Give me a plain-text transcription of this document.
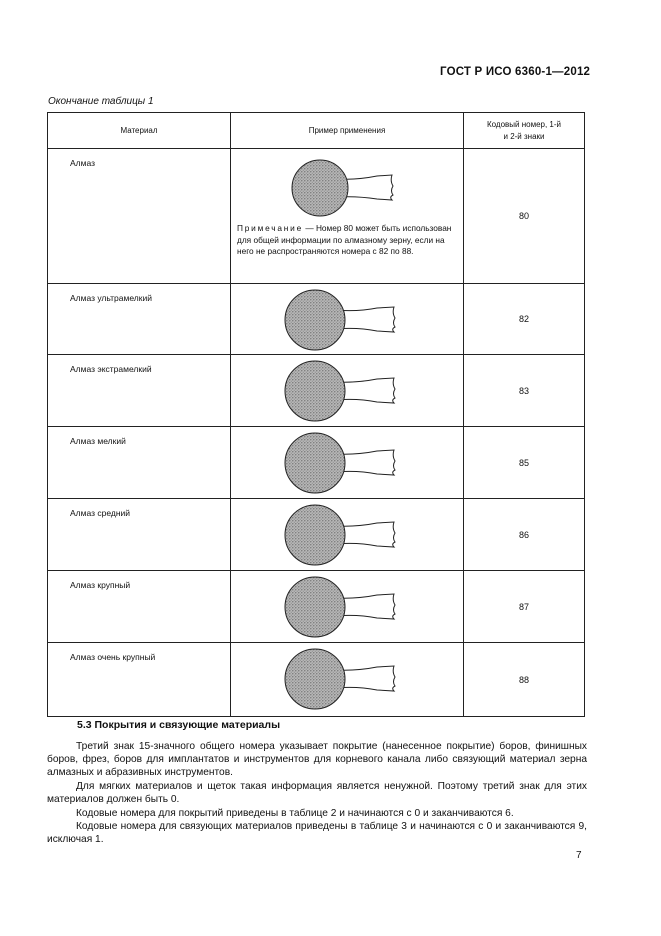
ГОСТ Р ИСО 6360-1—2012
Окончание таблицы 1
Материал	Пример применения	Кодовый номер, 1-й и 2-й знаки
Алмаз	Примечание — Номер 80 может быть использован для общей информации по алмазному зерну, если на него не распространяются номера с 82 по 88.	80
Алмаз ультрамелкий		82
Алмаз экстрамелкий		83
Алмаз мелкий		85
Алмаз средний		86
Алмаз крупный		87
Алмаз очень крупный		88
5.3 Покрытия и связующие материалы
Третий знак 15-значного общего номера указывает покрытие (нанесенное покрытие) боров, финишных боров, фрез, боров для имплантатов и инструментов для корневого канала либо связующий материал зерна алмазных и абразивных инструментов.
Для мягких материалов и щеток такая информация является ненужной. Поэтому третий знак для этих материалов должен быть 0.
Кодовые номера для покрытий приведены в таблице 2 и начинаются с 0 и заканчиваются 6.
Кодовые номера для связующих материалов приведены в таблице 3 и начинаются с 0 и заканчиваются 9, исключая 1.
7
